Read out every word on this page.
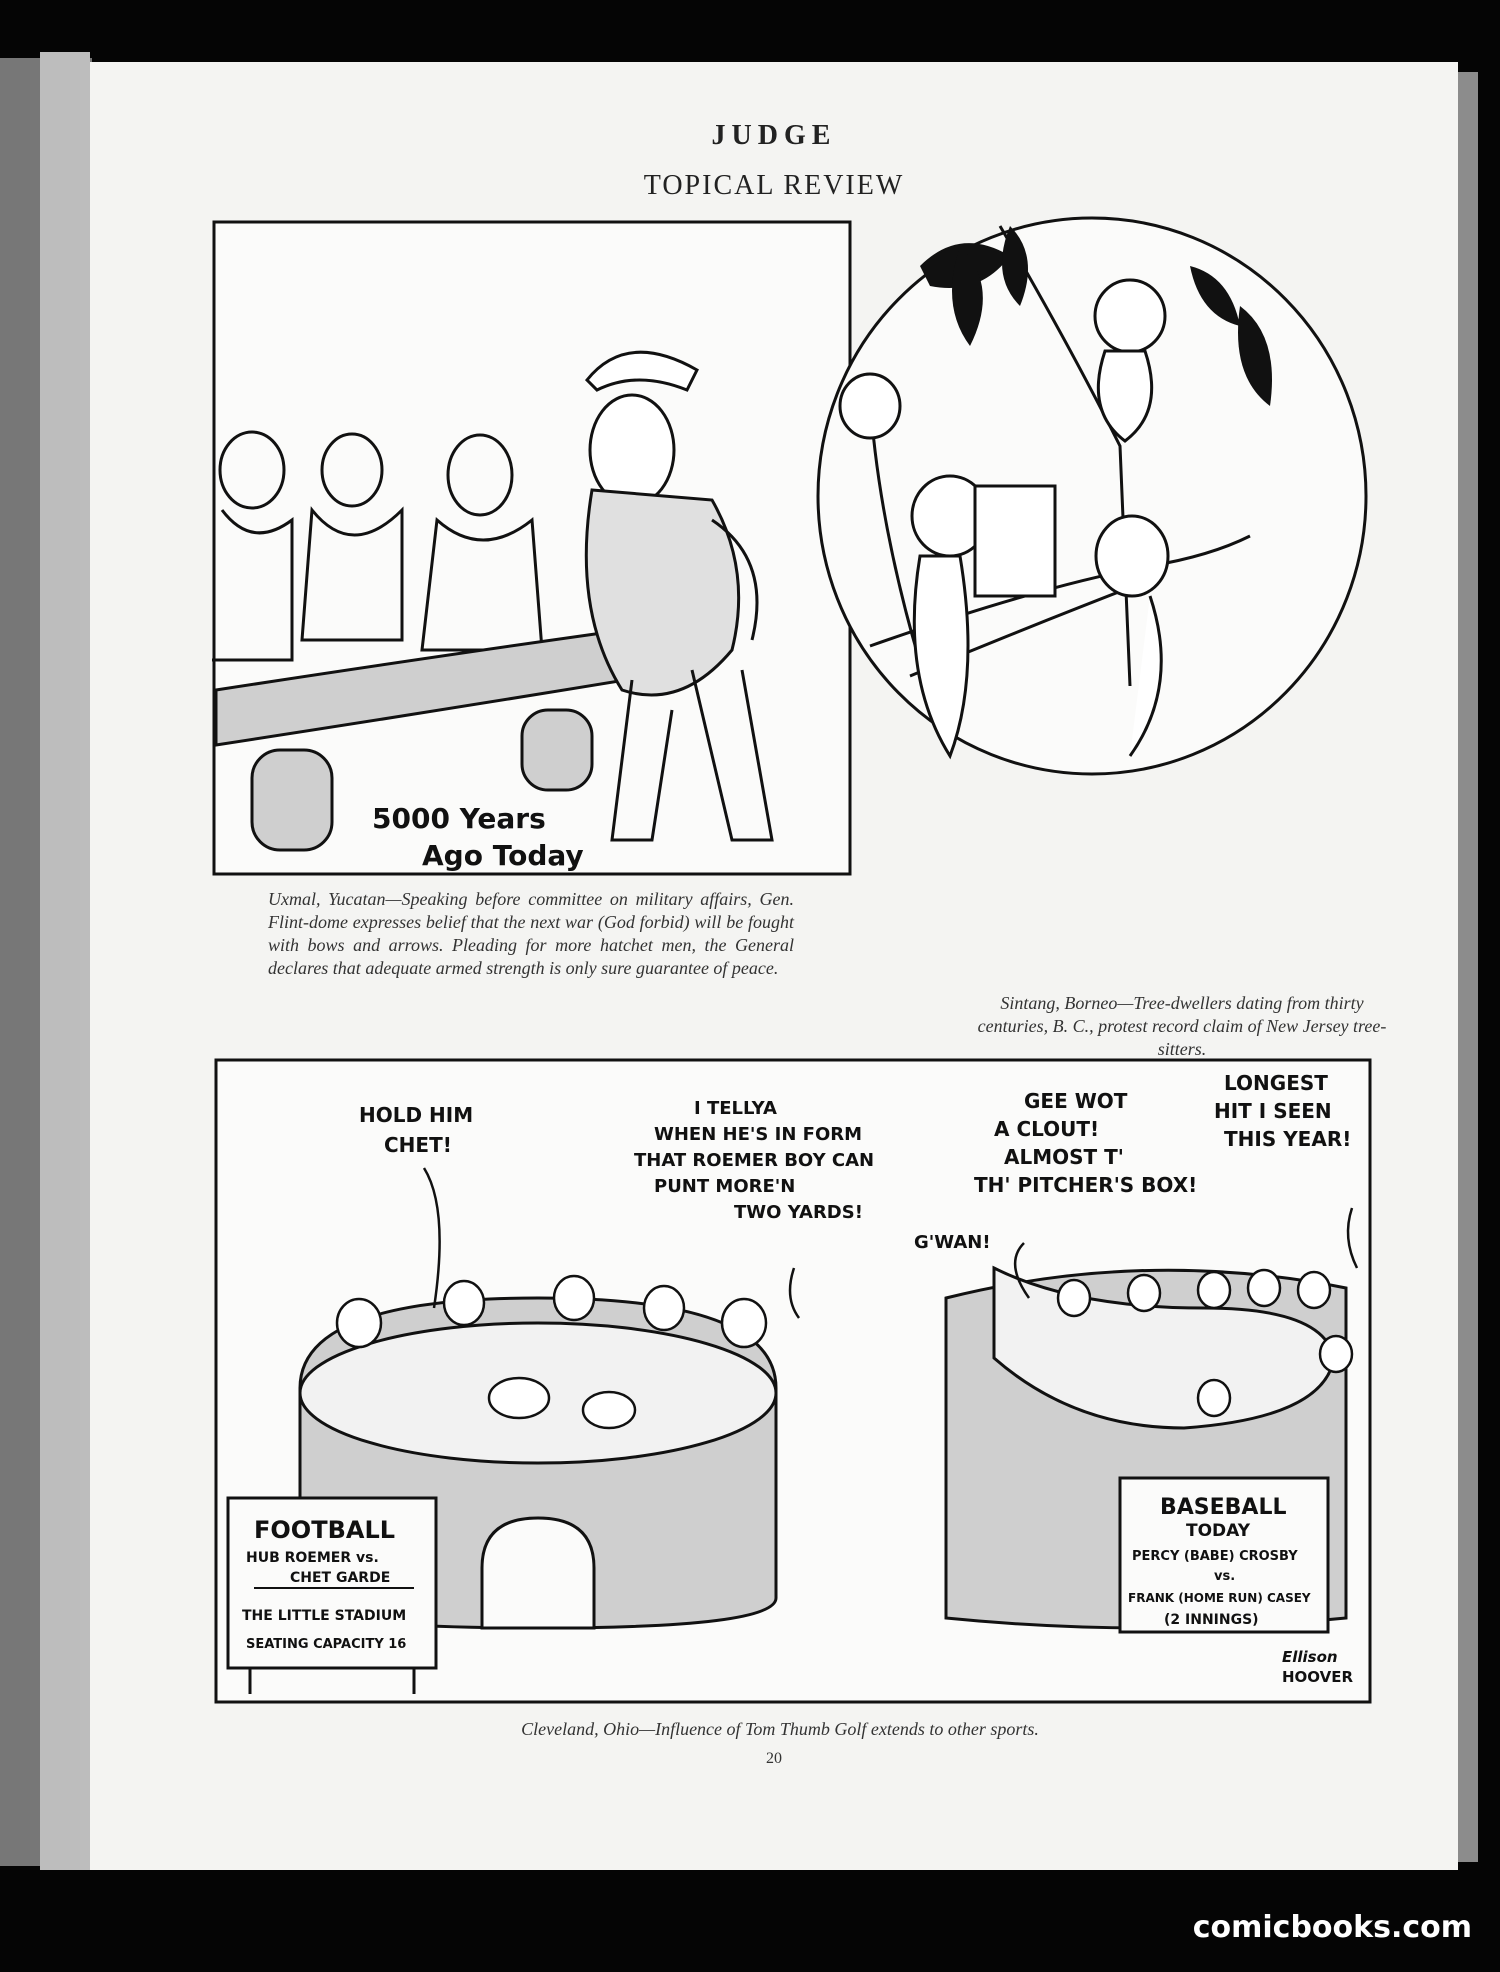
JUDGE
TOPICAL REVIEW
5000 Years
Ago Today
Uxmal, Yucatan—Speaking before committee on military affairs, Gen. Flint-dome expresses belief that the next war (God forbid) will be fought with bows and arrows. Pleading for more hatchet men, the General declares that adequate armed strength is only sure guarantee of peace.
Sintang, Borneo—Tree-dwellers dating from thirty centuries, B. C., protest record claim of New Jersey tree-sitters.
HOLD HIM
CHET!
I TELLYA
WHEN HE'S IN FORM
THAT ROEMER BOY CAN
PUNT MORE'N
TWO YARDS!
G'WAN!
GEE WOT
A CLOUT!
ALMOST T'
TH' PITCHER'S BOX!
LONGEST
HIT I SEEN
THIS YEAR!
FOOTBALL
HUB ROEMER vs.
CHET GARDE
THE LITTLE STADIUM
SEATING CAPACITY 16
BASEBALL
TODAY
PERCY (BABE) CROSBY
vs.
FRANK (HOME RUN) CASEY
(2 INNINGS)
Ellison
HOOVER
Cleveland, Ohio—Influence of Tom Thumb Golf extends to other sports.
20
comicbooks.com
